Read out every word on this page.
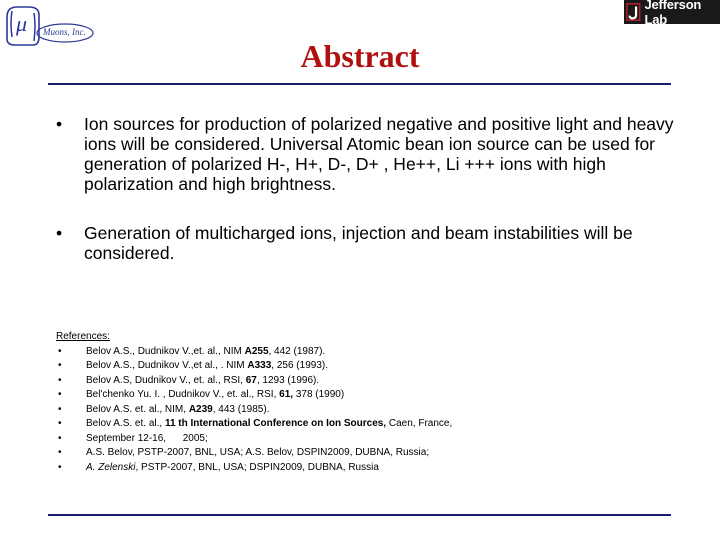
μ Muons, Inc.
Jefferson Lab
Abstract
• Ion sources for production of polarized negative and positive light and heavy ions will be considered. Universal Atomic bean ion source can be used for generation of polarized H-, H+, D-, D+ , He++, Li +++ ions with high polarization and high brightness.
• Generation of multicharged ions, injection and beam instabilities will be considered.
References:
• Belov A.S., Dudnikov V.,et. al., NIM A255, 442 (1987).
• Belov A.S., Dudnikov V.,et al., . NIM A333, 256 (1993).
• Belov A.S, Dudnikov V., et. al., RSI, 67, 1293 (1996).
• Bel'chenko Yu. I. , Dudnikov V., et. al., RSI, 61, 378 (1990)
• Belov A.S. et. al., NIM, A239, 443 (1985).
• Belov A.S. et. al., 11 th International Conference on Ion Sources, Caen, France,
• September 12-16,      2005;
• A.S. Belov, PSTP-2007, BNL, USA; A.S. Belov, DSPIN2009, DUBNA, Russia;
• A. Zelenski, PSTP-2007, BNL, USA; DSPIN2009, DUBNA, Russia
